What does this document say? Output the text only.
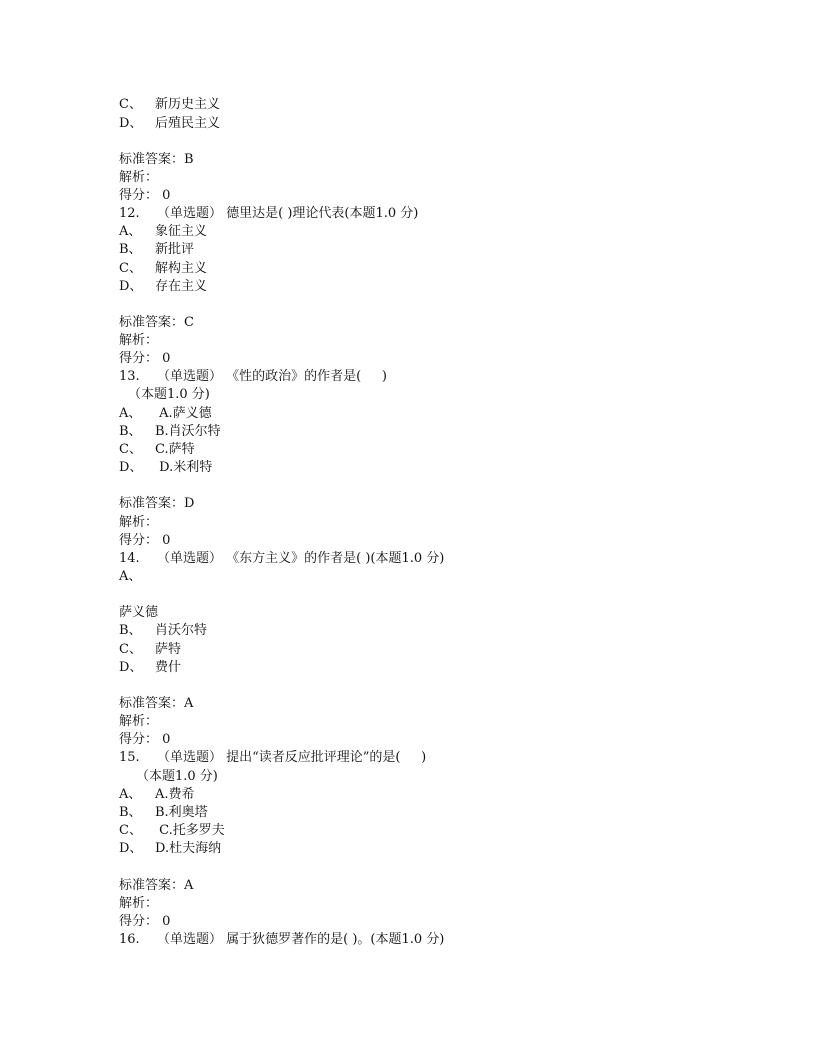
C、 新历史主义
D、 后殖民主义
标准答案：B
解析：
得分： 0
12. （单选题） 德里达是( )理论代表(本题1.0 分)
A、 象征主义
B、 新批评
C、 解构主义
D、 存在主义
标准答案：C
解析：
得分： 0
13. （单选题） 《性的政治》的作者是(     )
（本题1.0 分)
A、 A.萨义德
B、 B.肖沃尔特
C、 C.萨特
D、 D.米利特
标准答案：D
解析：
得分： 0
14. （单选题） 《东方主义》的作者是( )(本题1.0 分)
A、
萨义德
B、 肖沃尔特
C、 萨特
D、 费什
标准答案：A
解析：
得分： 0
15. （单选题） 提出“读者反应批评理论”的是(     )
（本题1.0 分)
A、 A.费希
B、 B.利奥塔
C、 C.托多罗夫
D、 D.杜夫海纳
标准答案：A
解析：
得分： 0
16. （单选题） 属于狄德罗著作的是( )。(本题1.0 分)
